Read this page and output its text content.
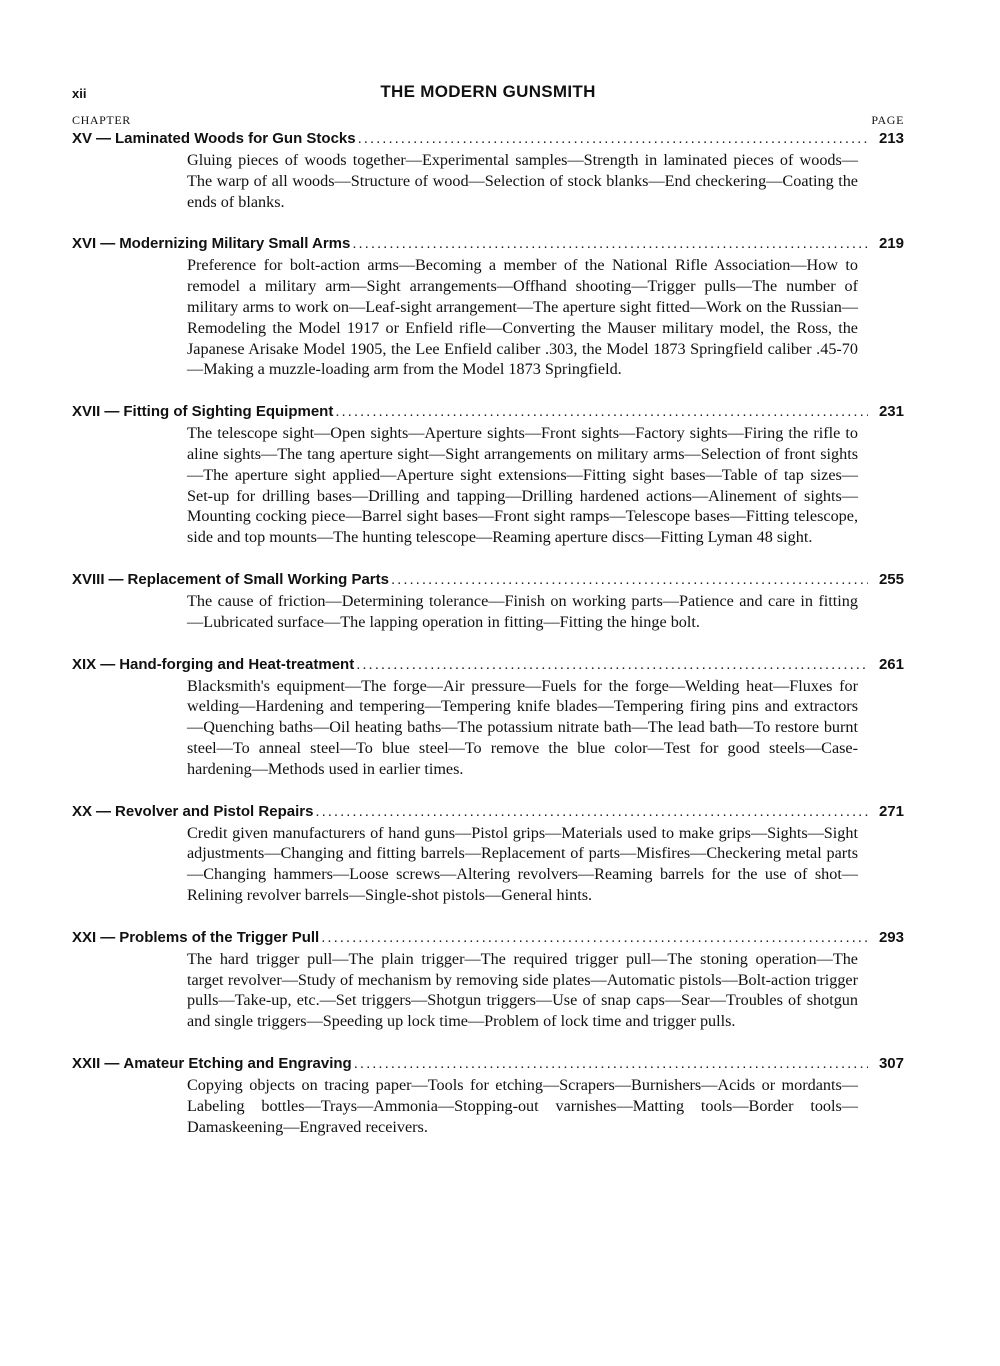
xii	THE MODERN GUNSMITH
CHAPTER	PAGE
XV — Laminated Woods for Gun Stocks .....	213
Gluing pieces of woods together—Experimental samples—Strength in laminated pieces of woods—The warp of all woods—Structure of wood—Selection of stock blanks—End checkering—Coating the ends of blanks.
XVI — Modernizing Military Small Arms .....	219
Preference for bolt-action arms—Becoming a member of the National Rifle Association—How to remodel a military arm—Sight arrangements—Offhand shooting—Trigger pulls—The number of military arms to work on—Leaf-sight arrangement—The aperture sight fitted—Work on the Russian—Remodeling the Model 1917 or Enfield rifle—Converting the Mauser military model, the Ross, the Japanese Arisake Model 1905, the Lee Enfield caliber .303, the Model 1873 Springfield caliber .45-70—Making a muzzle-loading arm from the Model 1873 Springfield.
XVII — Fitting of Sighting Equipment .....	231
The telescope sight—Open sights—Aperture sights—Front sights—Factory sights—Firing the rifle to aline sights—The tang aperture sight—Sight arrangements on military arms—Selection of front sights—The aperture sight applied—Aperture sight extensions—Fitting sight bases—Table of tap sizes—Set-up for drilling bases—Drilling and tapping—Drilling hardened actions—Alinement of sights—Mounting cocking piece—Barrel sight bases—Front sight ramps—Telescope bases—Fitting telescope, side and top mounts—The hunting telescope—Reaming aperture discs—Fitting Lyman 48 sight.
XVIII — Replacement of Small Working Parts .....	255
The cause of friction—Determining tolerance—Finish on working parts—Patience and care in fitting—Lubricated surface—The lapping operation in fitting—Fitting the hinge bolt.
XIX — Hand-forging and Heat-treatment .....	261
Blacksmith's equipment—The forge—Air pressure—Fuels for the forge—Welding heat—Fluxes for welding—Hardening and tempering—Tempering knife blades—Tempering firing pins and extractors—Quenching baths—Oil heating baths—The potassium nitrate bath—The lead bath—To restore burnt steel—To anneal steel—To blue steel—To remove the blue color—Test for good steels—Case-hardening—Methods used in earlier times.
XX — Revolver and Pistol Repairs .....	271
Credit given manufacturers of hand guns—Pistol grips—Materials used to make grips—Sights—Sight adjustments—Changing and fitting barrels—Replacement of parts—Misfires—Checkering metal parts—Changing hammers—Loose screws—Altering revolvers—Reaming barrels for the use of shot—Relining revolver barrels—Single-shot pistols—General hints.
XXI — Problems of the Trigger Pull .....	293
The hard trigger pull—The plain trigger—The required trigger pull—The stoning operation—The target revolver—Study of mechanism by removing side plates—Automatic pistols—Bolt-action trigger pulls—Take-up, etc.—Set triggers—Shotgun triggers—Use of snap caps—Sear—Troubles of shotgun and single triggers—Speeding up lock time—Problem of lock time and trigger pulls.
XXII — Amateur Etching and Engraving .....	307
Copying objects on tracing paper—Tools for etching—Scrapers—Burnishers—Acids or mordants—Labeling bottles—Trays—Ammonia—Stopping-out varnishes—Matting tools—Border tools—Damaskeening—Engraved receivers.
